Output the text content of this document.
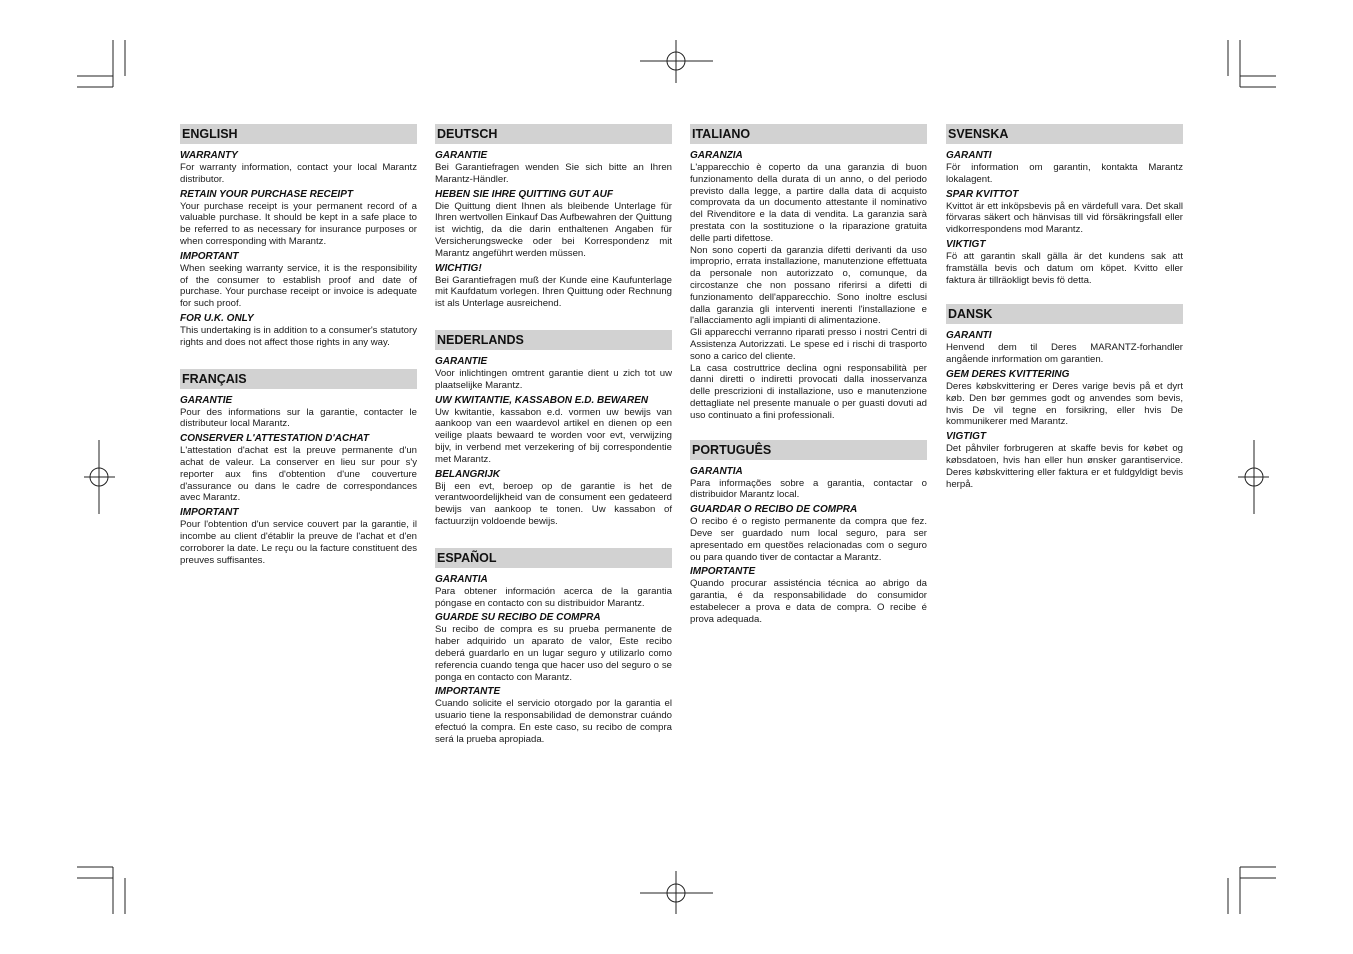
ENGLISH
WARRANTY
For warranty information, contact your local Marantz distributor.
RETAIN YOUR PURCHASE RECEIPT
Your purchase receipt is your permanent record of a valuable purchase. It should be kept in a safe place to be referred to as necessary for insurance purposes or when corresponding with Marantz.
IMPORTANT
When seeking warranty service, it is the responsibility of the consumer to establish proof and date of purchase. Your purchase receipt or invoice is adequate for such proof.
FOR U.K. ONLY
This undertaking is in addition to a consumer's statutory rights and does not affect those rights in any way.
FRANÇAIS
GARANTIE
Pour des informations sur la garantie, contacter le distributeur local Marantz.
CONSERVER L'ATTESTATION D'ACHAT
L'attestation d'achat est la preuve permanente d'un achat de valeur. La conserver en lieu sur pour s'y reporter aux fins d'obtention d'une couverture d'assurance ou dans le cadre de correspondances avec Marantz.
IMPORTANT
Pour l'obtention d'un service couvert par la garantie, il incombe au client d'établir la preuve de l'achat et d'en corroborer la date. Le reçu ou la facture constituent des preuves suffisantes.
DEUTSCH
GARANTIE
Bei Garantiefragen wenden Sie sich bitte an Ihren Marantz-Händler.
HEBEN SIE IHRE QUITTING GUT AUF
Die Quittung dient Ihnen als bleibende Unterlage für Ihren wertvollen Einkauf Das Aufbewahren der Quittung ist wichtig, da die darin enthaltenen Angaben für Versicherungswecke oder bei Korrespondenz mit Marantz angeführt werden müssen.
WICHTIG!
Bei Garantiefragen muß der Kunde eine Kaufunterlage mit Kaufdatum vorlegen. Ihren Quittung oder Rechnung ist als Unterlage ausreichend.
NEDERLANDS
GARANTIE
Voor inlichtingen omtrent garantie dient u zich tot uw plaatselijke Marantz.
UW KWITANTIE, KASSABON E.D. BEWAREN
Uw kwitantie, kassabon e.d. vormen uw bewijs van aankoop van een waardevol artikel en dienen op een veilige plaats bewaard te worden voor evt, verwijzing bijv, in verbend met verzekering of bij correspondentie met Marantz.
BELANGRIJK
Bij een evt, beroep op de garantie is het de verantwoordelijkheid van de consument een gedateerd bewijs van aankoop te tonen. Uw kassabon of factuurzijn voldoende bewijs.
ESPAÑOL
GARANTIA
Para obtener información acerca de la garantia póngase en contacto con su distribuidor Marantz.
GUARDE SU RECIBO DE COMPRA
Su recibo de compra es su prueba permanente de haber adquirido un aparato de valor, Este recibo deberá guardarlo en un lugar seguro y utilizarlo como referencia cuando tenga que hacer uso del seguro o se ponga en contacto con Marantz.
IMPORTANTE
Cuando solicite el servicio otorgado por la garantia el usuario tiene la responsabilidad de demonstrar cuándo efectuó la compra. En este caso, su recibo de compra será la prueba apropiada.
ITALIANO
GARANZIA
L'apparecchio è coperto da una garanzia di buon funzionamento della durata di un anno, o del periodo previsto dalla legge, a partire dalla data di acquisto comprovata da un documento attestante il nominativo del Rivenditore e la data di vendita. La garanzia sarà prestata con la sostituzione o la riparazione gratuita delle parti difettose.
Non sono coperti da garanzia difetti derivanti da uso improprio, errata installazione, manutenzione effettuata da personale non autorizzato o, comunque, da circostanze che non possano riferirsi a difetti di funzionamento dell'apparecchio. Sono inoltre esclusi dalla garanzia gli interventi inerenti l'installazione e l'allacciamento agli impianti di alimentazione.
Gli apparecchi verranno riparati presso i nostri Centri di Assistenza Autorizzati. Le spese ed i rischi di trasporto sono a carico del cliente.
La casa costruttrice declina ogni responsabilità per danni diretti o indiretti provocati dalla inosservanza delle prescrizioni di installazione, uso e manutenzione dettagliate nel presente manuale o per guasti dovuti ad uso continuato a fini professionali.
PORTUGUÊS
GARANTIA
Para informações sobre a garantia, contactar o distribuidor Marantz local.
GUARDAR O RECIBO DE COMPRA
O recibo é o registo permanente da compra que fez. Deve ser guardado num local seguro, para ser apresentado em questões relacionadas com o seguro ou para quando tiver de contactar a Marantz.
IMPORTANTE
Quando procurar assisténcia técnica ao abrigo da garantia, é da responsabilidade do consumidor estabelecer a prova e data de compra. O recibe é prova adequada.
SVENSKA
GARANTI
För information om garantin, kontakta Marantz lokalagent.
SPAR KVITTOT
Kvittot är ett inköpsbevis på en värdefull vara. Det skall förvaras säkert och hänvisas till vid försäkringsfall eller vidkorrespondens mod Marantz.
VIKTIGT
Fö att garantin skall gälla är det kundens sak att framställa bevis och datum om köpet. Kvitto eller faktura är tillräokligt bevis fö detta.
DANSK
GARANTI
Henvend dem til Deres MARANTZ-forhandler angående inrformation om garantien.
GEM DERES KVITTERING
Deres købskvittering er Deres varige bevis på et dyrt køb. Den bør gemmes godt og anvendes som bevis, hvis De vil tegne en forsikring, eller hvis De kommunikerer med Marantz.
VIGTIGT
Det påhviler forbrugeren at skaffe bevis for købet og købsdatoen, hvis han eller hun ønsker garantiservice. Deres købskvittering eller faktura er et fuldgyldigt bevis herpå.
